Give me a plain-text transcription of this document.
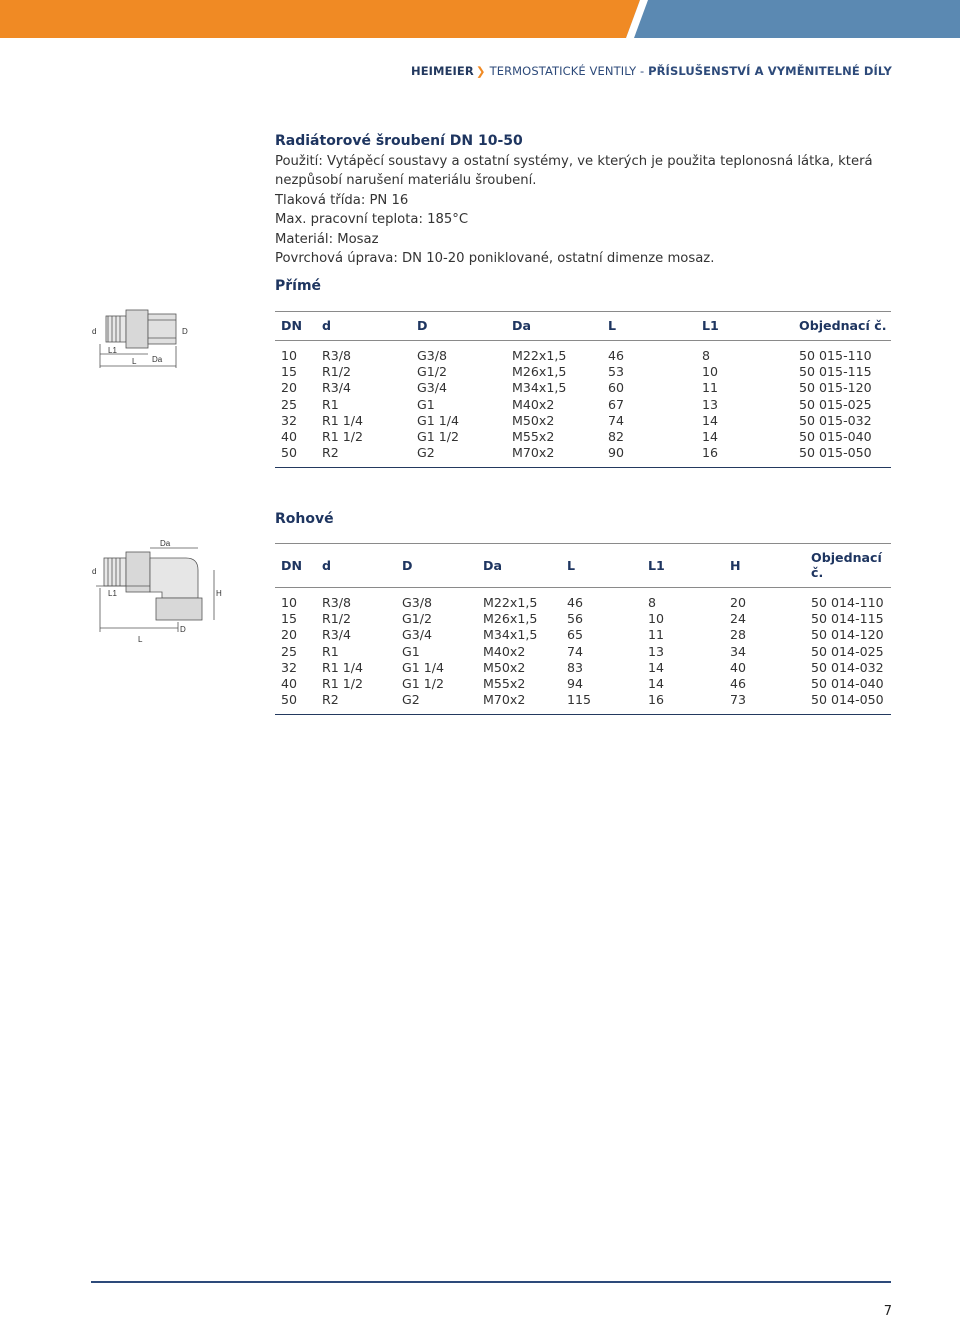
HEIMEIER ❯ TERMOSTATICKÉ VENTILY - PŘÍSLUŠENSTVÍ A VYMĚNITELNÉ DÍLY
Radiátorové šroubení DN 10-50
Použití: Vytápěcí soustavy a ostatní systémy, ve kterých je použita teplonosná látka, která
nezpůsobí narušení materiálu šroubení.
Tlaková třída: PN 16
Max. pracovní teplota: 185°C
Materiál: Mosaz
Povrchová úprava: DN 10-20 poniklované, ostatní dimenze mosaz.
Přímé
d	D
L1
Da
L
DN	d	D	Da	L	L1	Objednací č.
10	R3/8	G3/8	M22x1,5	46	8	50 015-110
15	R1/2	G1/2	M26x1,5	53	10	50 015-115
20	R3/4	G3/4	M34x1,5	60	11	50 015-120
25	R1	G1	M40x2	67	13	50 015-025
32	R1 1/4	G1 1/4	M50x2	74	14	50 015-032
40	R1 1/2	G1 1/2	M55x2	82	14	50 015-040
50	R2	G2	M70x2	90	16	50 015-050
Rohové
Da
d
L1	H
D
L
DN	d	D	Da	L	L1	H	Objednací č.
10	R3/8	G3/8	M22x1,5	46	8	20	50 014-110
15	R1/2	G1/2	M26x1,5	56	10	24	50 014-115
20	R3/4	G3/4	M34x1,5	65	11	28	50 014-120
25	R1	G1	M40x2	74	13	34	50 014-025
32	R1 1/4	G1 1/4	M50x2	83	14	40	50 014-032
40	R1 1/2	G1 1/2	M55x2	94	14	46	50 014-040
50	R2	G2	M70x2	115	16	73	50 014-050
7
